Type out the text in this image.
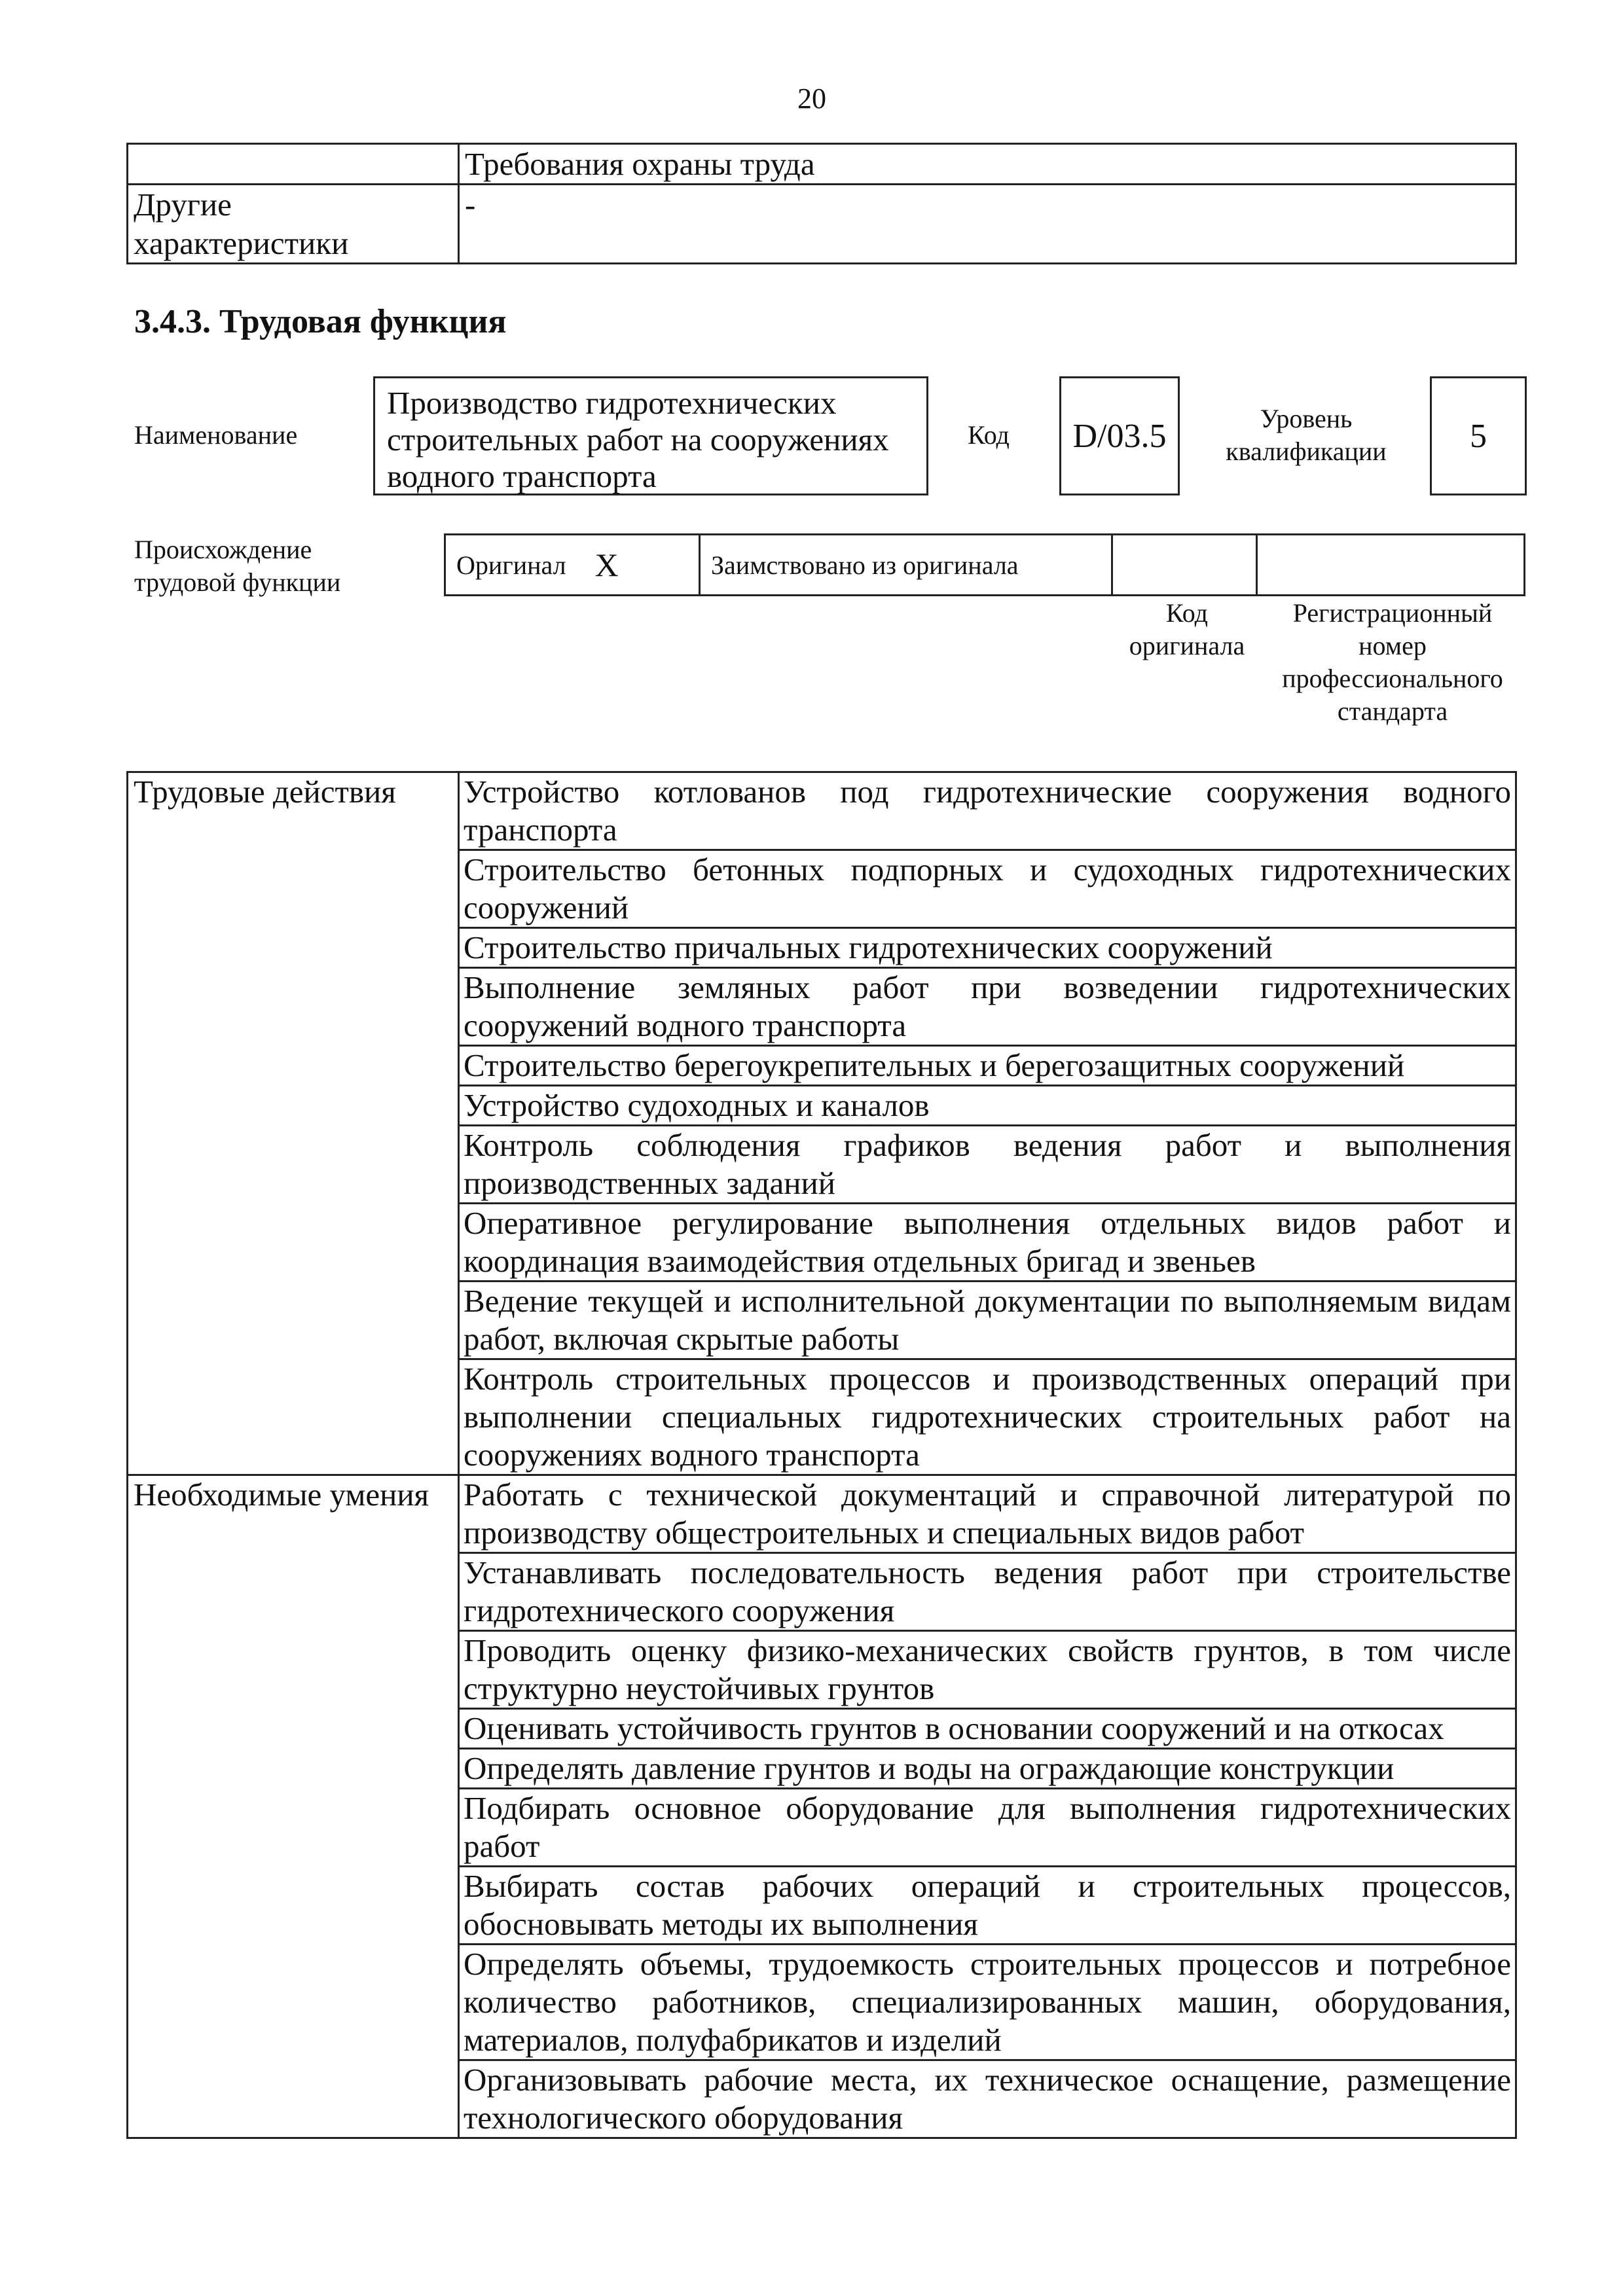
20
	Требования охраны труда
Другие характеристики	-
3.4.3. Трудовая функция
Наименование
Производство гидротехнических строительных работ на сооружениях водного транспорта
Код	D/03.5	Уровень квалификации	5
Происхождение трудовой функции
Оригинал X	Заимствовано из оригинала
Код оригинала
Регистрационный номер профессионального стандарта
Трудовые действия	Устройство котлованов под гидротехнические сооружения водного транспорта
	Строительство бетонных подпорных и судоходных гидротехнических сооружений
	Строительство причальных гидротехнических сооружений
	Выполнение земляных работ при возведении гидротехнических сооружений водного транспорта
	Строительство берегоукрепительных и берегозащитных сооружений
	Устройство судоходных и каналов
	Контроль соблюдения графиков ведения работ и выполнения производственных заданий
	Оперативное регулирование выполнения отдельных видов работ и координация взаимодействия отдельных бригад и звеньев
	Ведение текущей и исполнительной документации по выполняемым видам работ, включая скрытые работы
	Контроль строительных процессов и производственных операций при выполнении специальных гидротехнических строительных работ на сооружениях водного транспорта
Необходимые умения	Работать с технической документаций и справочной литературой по производству общестроительных и специальных видов работ
	Устанавливать последовательность ведения работ при строительстве гидротехнического сооружения
	Проводить оценку физико-механических свойств грунтов, в том числе структурно неустойчивых грунтов
	Оценивать устойчивость грунтов в основании сооружений и на откосах
	Определять давление грунтов и воды на ограждающие конструкции
	Подбирать основное оборудование для выполнения гидротехнических работ
	Выбирать состав рабочих операций и строительных процессов, обосновывать методы их выполнения
	Определять объемы, трудоемкость строительных процессов и потребное количество работников, специализированных машин, оборудования, материалов, полуфабрикатов и изделий
	Организовывать рабочие места, их техническое оснащение, размещение технологического оборудования
